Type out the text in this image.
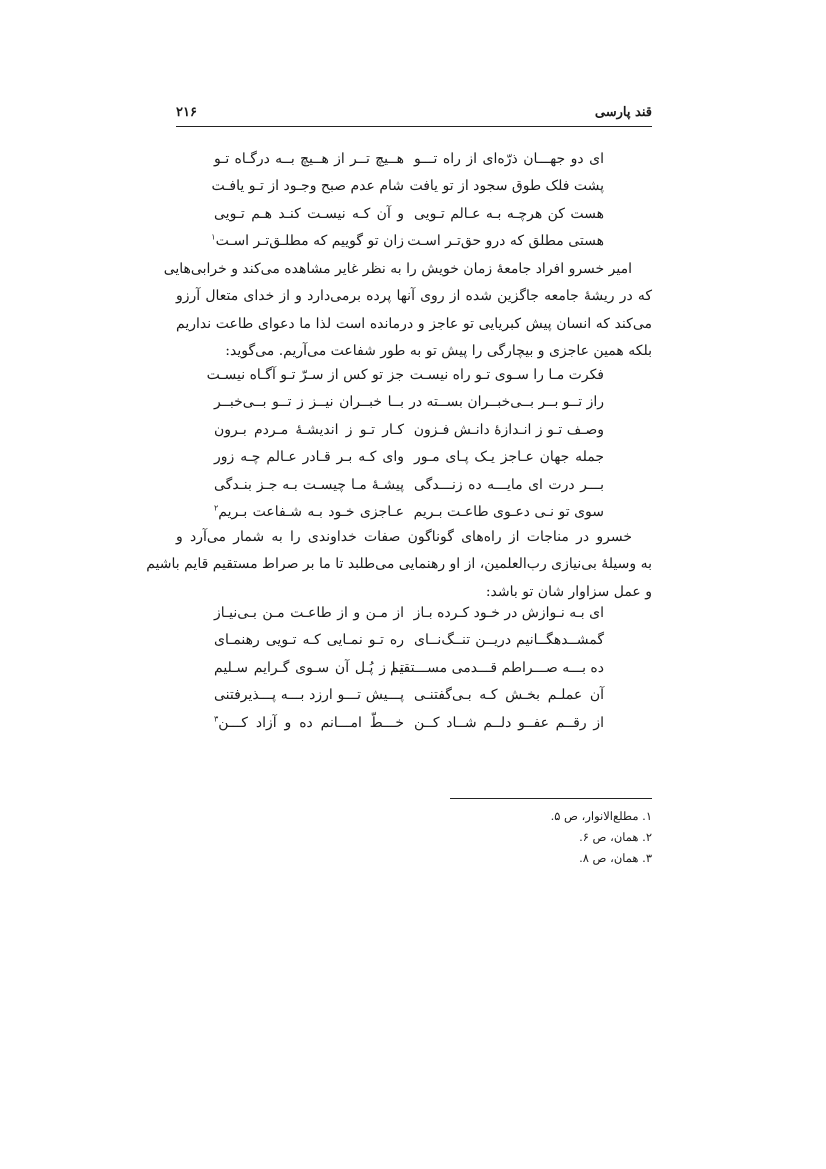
قند پارسی
۲۱۶
ای دو جهـــان ذرّه‌ای از راه تـــو
هــیچ تــر از هــیچ بــه درگـاه تـو
پشت فلک طوق سجود از تو یافت
شام عدم صبح وجـود از تـو یافـت
هست کن هرچـه بـه عـالم تـویی
و آن کـه نیسـت کنـد هـم تـویی
هستی مطلق که درو حق‌تـر اسـت
زان تو گوییم که مطلـق‌تـر اسـت$^۱$
امیر خسرو افراد جامعۀ زمان خویش را به نظر غایر مشاهده می‌کند و خرابی‌هایی
که در ریشۀ جامعه جاگزین شده از روی آنها پرده برمی‌دارد و از خدای متعال آرزو
می‌کند که انسان پیش کبریایی تو عاجز و درمانده است لذا ما دعوای طاعت نداریم
بلکه همین عاجزی و بیچارگی را پیش تو به طور شفاعت می‌آریم. می‌گوید:
فکرت مـا را سـوی تـو راه نیسـت
جز تو کس از سـرّ تـو آگـاه نیسـت
راز تــو بــر بــی‌خبــران بســته در
بــا خبــران نیــز ز تــو بــی‌خبــر
وصـف تـو ز انـدازۀ دانـش فـزون
کـار تـو ز اندیشـۀ مـردم بـرون
جمله جهان عـاجز یـک پـای مـور
وای کـه بـر قـادر عـالم چـه زور
بـــر درت ای مایـــه ده زنـــدگی
پیشـۀ مـا چیسـت بـه جـز بنـدگی
سوی تو نـی دعـوی طاعـت بـریم
عـاجزی خـود بـه شـفاعت بـریم$^۲$
خسرو در مناجات از راه‌های گوناگون صفات خداوندی را به شمار می‌آرد و
به وسیلۀ بی‌نیازی رب‌العلمین، از او رهنمایی می‌طلبد تا ما بر صراط مستقیم قایم باشیم
و عمل سزاوار شان تو باشد:
ای بـه نـوازش در خـود کـرده بـاز
از مـن و از طاعـت مـن بـی‌نیـاز
گمشــدهگــانیم دریــن تنــگ‌نــای
ره تـو نمـایی کـه تـویی رهنمـای
ده بـــه صـــراطم قـــدمی مســـتقیم
تـا ز پُـل آن سـوی گـرایم سـلیم
آن عملـم بخـش کـه بـی‌گفتنـی
پـــیش تـــو ارزد بـــه پـــذیرفتنی
از رقــم عفــو دلــم شــاد کــن
خـــطّ امـــانم ده و آزاد کـــن$^۳$
۱. مطلع‌الانوار، ص ۵.
۲. همان، ص ۶.
۳. همان، ص ۸.
